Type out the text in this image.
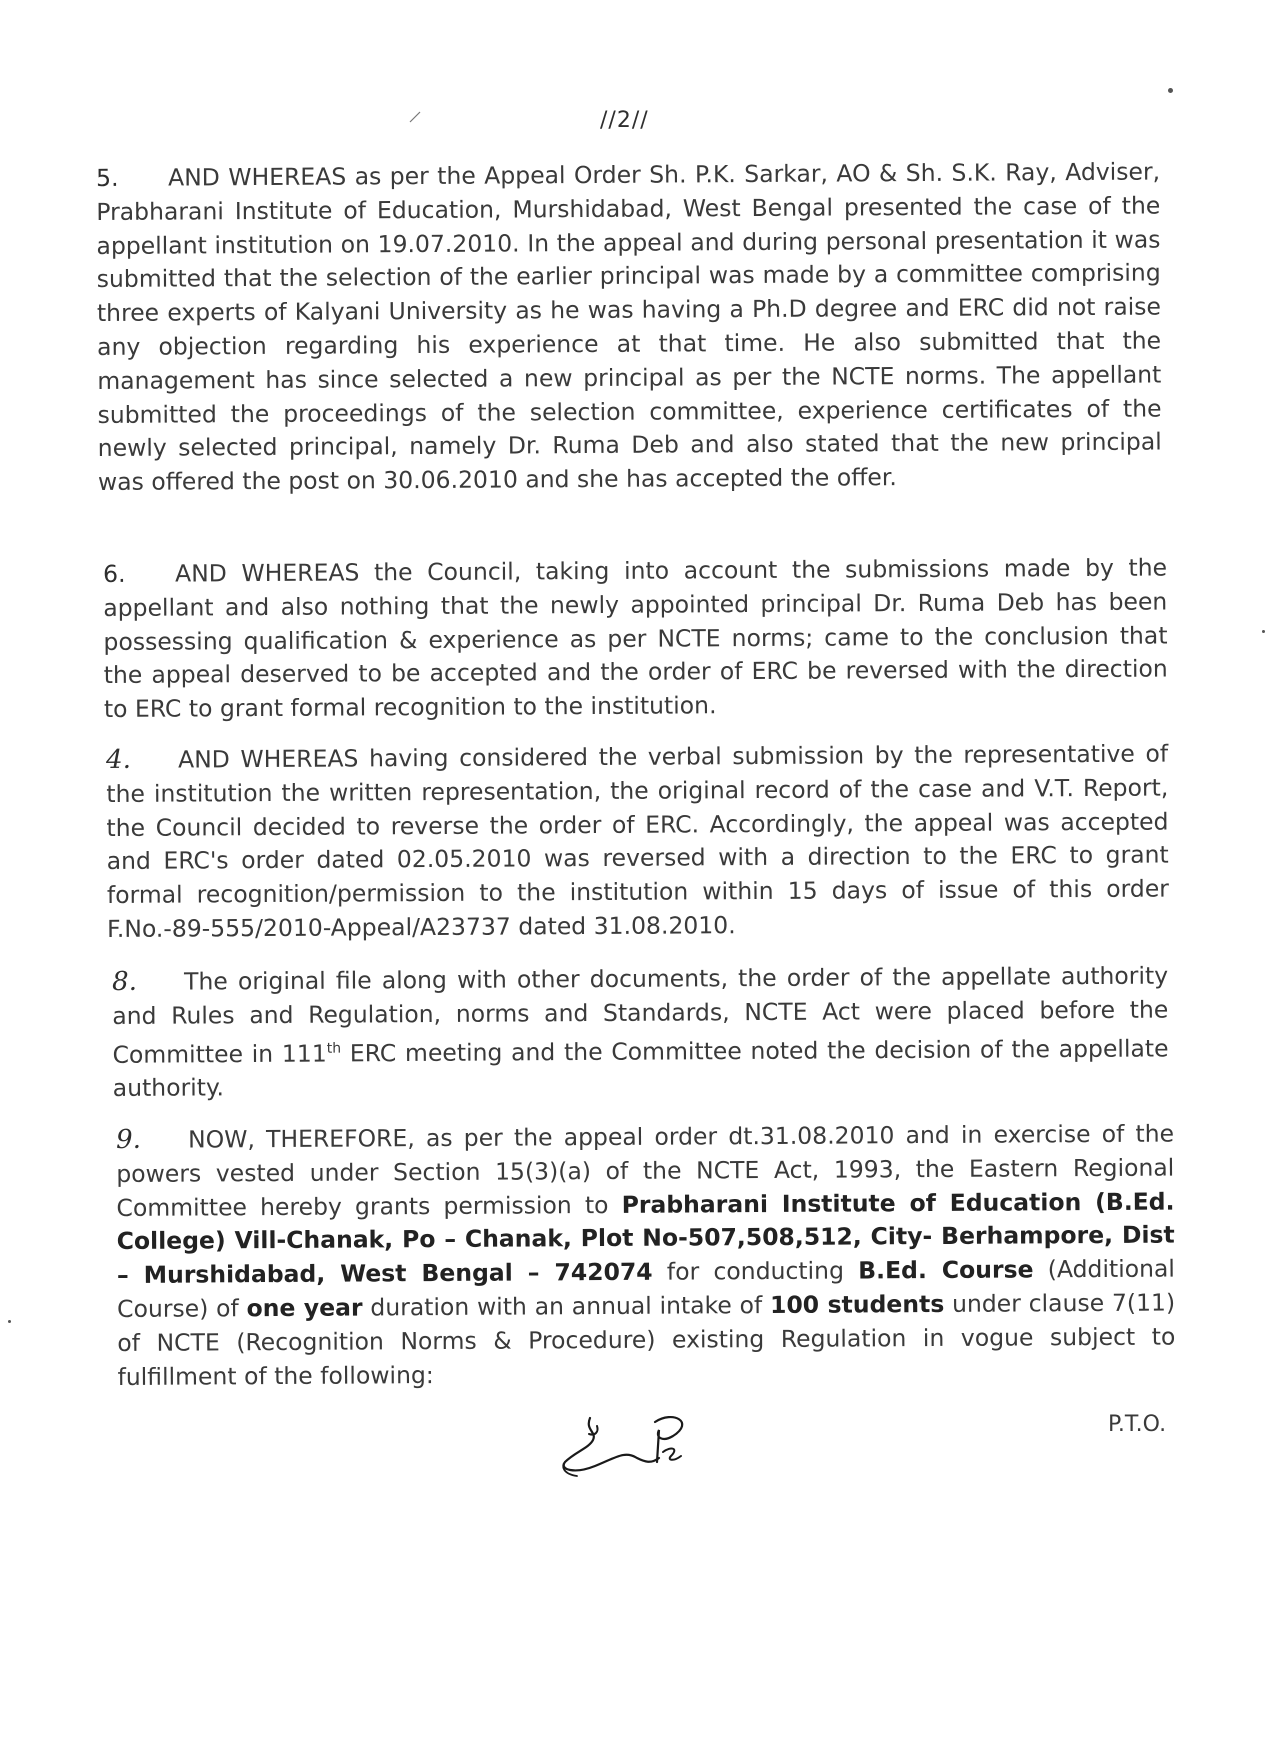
//2//
5. AND WHEREAS as per the Appeal Order Sh. P.K. Sarkar, AO & Sh. S.K. Ray, Adviser, Prabharani Institute of Education, Murshidabad, West Bengal presented the case of the appellant institution on 19.07.2010. In the appeal and during personal presentation it was submitted that the selection of the earlier principal was made by a committee comprising three experts of Kalyani University as he was having a Ph.D degree and ERC did not raise any objection regarding his experience at that time. He also submitted that the management has since selected a new principal as per the NCTE norms. The appellant submitted the proceedings of the selection committee, experience certificates of the newly selected principal, namely Dr. Ruma Deb and also stated that the new principal was offered the post on 30.06.2010 and she has accepted the offer.
6. AND WHEREAS the Council, taking into account the submissions made by the appellant and also nothing that the newly appointed principal Dr. Ruma Deb has been possessing qualification & experience as per NCTE norms; came to the conclusion that the appeal deserved to be accepted and the order of ERC be reversed with the direction to ERC to grant formal recognition to the institution.
4. AND WHEREAS having considered the verbal submission by the representative of the institution the written representation, the original record of the case and V.T. Report, the Council decided to reverse the order of ERC. Accordingly, the appeal was accepted and ERC's order dated 02.05.2010 was reversed with a direction to the ERC to grant formal recognition/permission to the institution within 15 days of issue of this order F.No.-89-555/2010-Appeal/A23737 dated 31.08.2010.
8. The original file along with other documents, the order of the appellate authority and Rules and Regulation, norms and Standards, NCTE Act were placed before the Committee in 111th ERC meeting and the Committee noted the decision of the appellate authority.
9. NOW, THEREFORE, as per the appeal order dt.31.08.2010 and in exercise of the powers vested under Section 15(3)(a) of the NCTE Act, 1993, the Eastern Regional Committee hereby grants permission to Prabharani Institute of Education (B.Ed. College) Vill-Chanak, Po – Chanak, Plot No-507,508,512, City- Berhampore, Dist – Murshidabad, West Bengal – 742074 for conducting B.Ed. Course (Additional Course) of one year duration with an annual intake of 100 students under clause 7(11) of NCTE (Recognition Norms & Procedure) existing Regulation in vogue subject to fulfillment of the following:
P.T.O.
